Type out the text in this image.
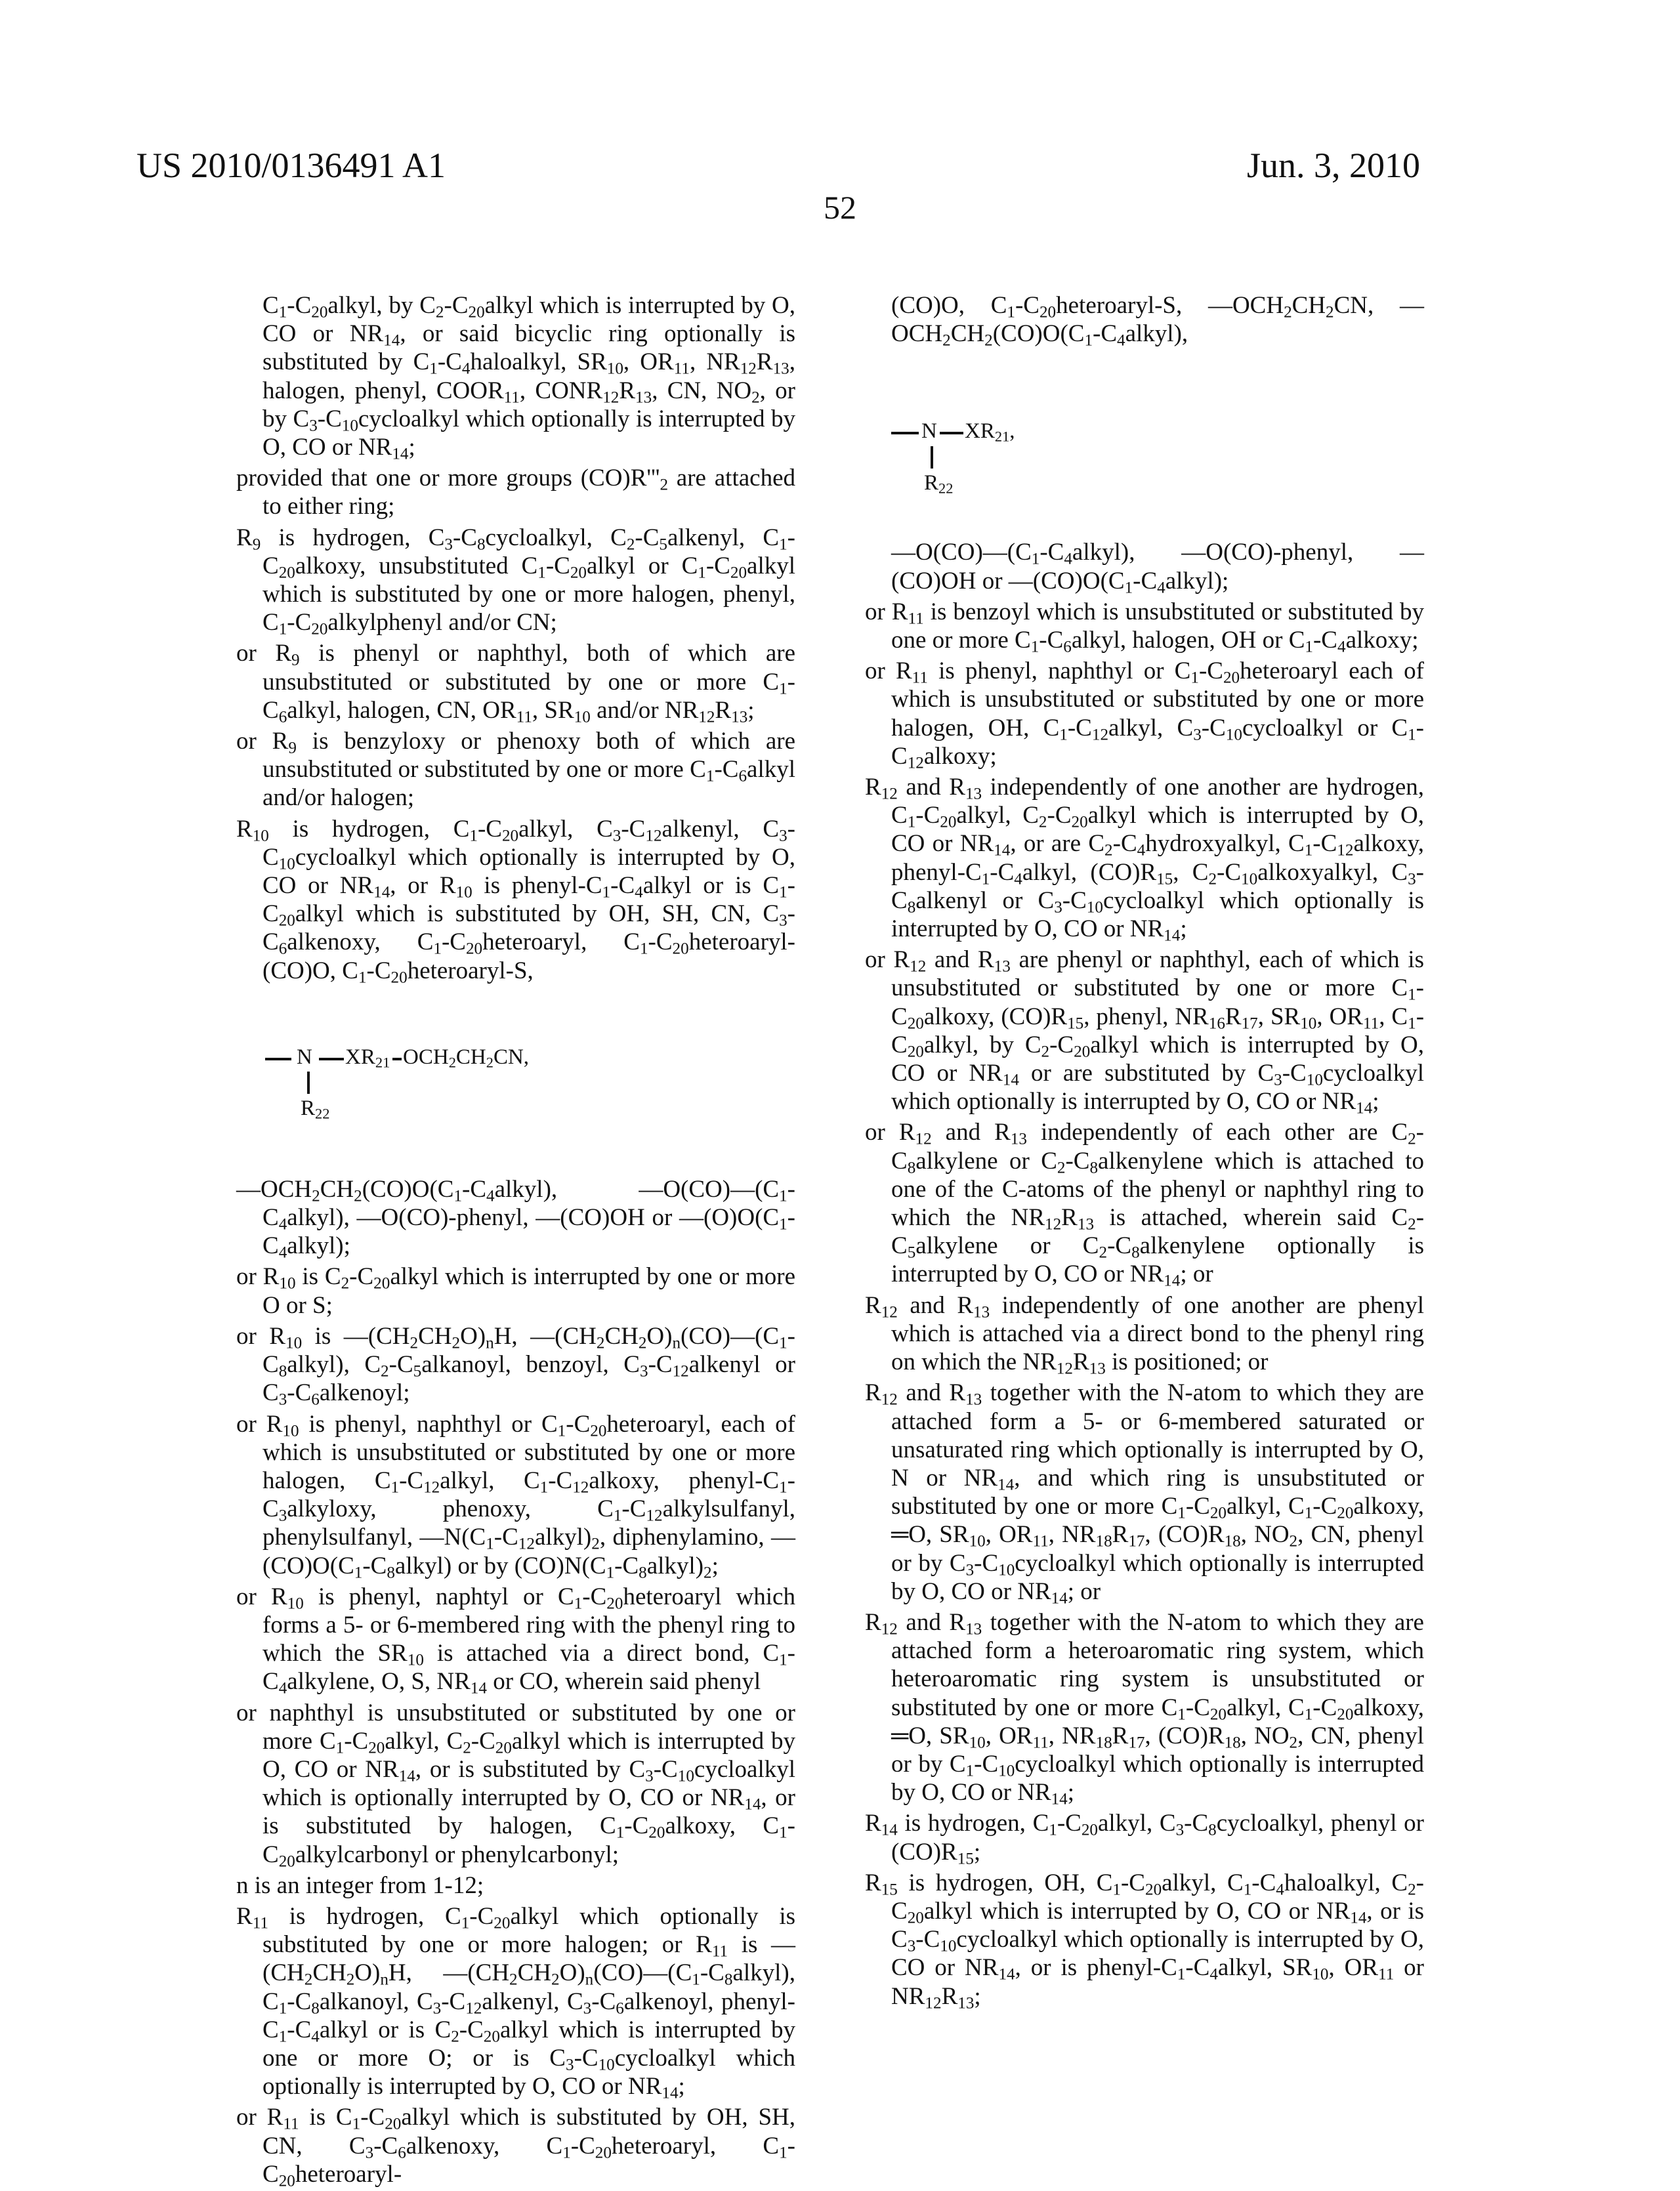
US 2010/0136491 A1	Jun. 3, 2010
52

C1-C20alkyl, by C2-C20alkyl which is interrupted by O, CO or NR14, or said bicyclic ring optionally is substituted by C1-C4haloalkyl, SR10, OR11, NR12R13, halogen, phenyl, COOR11, CONR12R13, CN, NO2, or by C3-C10cycloalkyl which optionally is interrupted by O, CO or NR14;

provided that one or more groups (CO)R'''2 are attached to either ring;

R9 is hydrogen, C3-C8cycloalkyl, C2-C5alkenyl, C1-C20alkoxy, unsubstituted C1-C20alkyl or C1-C20alkyl which is substituted by one or more halogen, phenyl, C1-C20alkylphenyl and/or CN;

or R9 is phenyl or naphthyl, both of which are unsubstituted or substituted by one or more C1-C6alkyl, halogen, CN, OR11, SR10 and/or NR12R13;

or R9 is benzyloxy or phenoxy both of which are unsubstituted or substituted by one or more C1-C6alkyl and/or halogen;

R10 is hydrogen, C1-C20alkyl, C3-C12alkenyl, C3-C10cycloalkyl which optionally is interrupted by O, CO or NR14, or R10 is phenyl-C1-C4alkyl or is C1-C20alkyl which is substituted by OH, SH, CN, C3-C6alkenoxy, C1-C20heteroaryl, C1-C20heteroaryl-(CO)O, C1-C20heteroaryl-S,

N XR21 OCH2CH2CN,
R22

—OCH2CH2(CO)O(C1-C4alkyl), —O(CO)—(C1-C4alkyl), —O(CO)-phenyl, —(CO)OH or —(O)O(C1-C4alkyl);

or R10 is C2-C20alkyl which is interrupted by one or more O or S;

or R10 is —(CH2CH2O)nH, —(CH2CH2O)n(CO)—(C1-C8alkyl), C2-C5alkanoyl, benzoyl, C3-C12alkenyl or C3-C6alkenoyl;

or R10 is phenyl, naphthyl or C1-C20heteroaryl, each of which is unsubstituted or substituted by one or more halogen, C1-C12alkyl, C1-C12alkoxy, phenyl-C1-C3alkyloxy, phenoxy, C1-C12alkylsulfanyl, phenylsulfanyl, —N(C1-C12alkyl)2, diphenylamino, —(CO)O(C1-C8alkyl) or by (CO)N(C1-C8alkyl)2;

or R10 is phenyl, naphtyl or C1-C20heteroaryl which forms a 5- or 6-membered ring with the phenyl ring to which the SR10 is attached via a direct bond, C1-C4alkylene, O, S, NR14 or CO, wherein said phenyl

or naphthyl is unsubstituted or substituted by one or more C1-C20alkyl, C2-C20alkyl which is interrupted by O, CO or NR14, or is substituted by C3-C10cycloalkyl which is optionally interrupted by O, CO or NR14, or is substituted by halogen, C1-C20alkoxy, C1-C20alkylcarbonyl or phenylcarbonyl;

n is an integer from 1-12;

R11 is hydrogen, C1-C20alkyl which optionally is substituted by one or more halogen; or R11 is —(CH2CH2O)nH, —(CH2CH2O)n(CO)—(C1-C8alkyl), C1-C8alkanoyl, C3-C12alkenyl, C3-C6alkenoyl, phenyl-C1-C4alkyl or is C2-C20alkyl which is interrupted by one or more O; or is C3-C10cycloalkyl which optionally is interrupted by O, CO or NR14;

or R11 is C1-C20alkyl which is substituted by OH, SH, CN, C3-C6alkenoxy, C1-C20heteroaryl, C1-C20heteroaryl-

(CO)O, C1-C20heteroaryl-S, —OCH2CH2CN, —OCH2CH2(CO)O(C1-C4alkyl),

N XR21,
R22

—O(CO)—(C1-C4alkyl), —O(CO)-phenyl, —(CO)OH or —(CO)O(C1-C4alkyl);

or R11 is benzoyl which is unsubstituted or substituted by one or more C1-C6alkyl, halogen, OH or C1-C4alkoxy;

or R11 is phenyl, naphthyl or C1-C20heteroaryl each of which is unsubstituted or substituted by one or more halogen, OH, C1-C12alkyl, C3-C10cycloalkyl or C1-C12alkoxy;

R12 and R13 independently of one another are hydrogen, C1-C20alkyl, C2-C20alkyl which is interrupted by O, CO or NR14, or are C2-C4hydroxyalkyl, C1-C12alkoxy, phenyl-C1-C4alkyl, (CO)R15, C2-C10alkoxyalkyl, C3-C8alkenyl or C3-C10cycloalkyl which optionally is interrupted by O, CO or NR14;

or R12 and R13 are phenyl or naphthyl, each of which is unsubstituted or substituted by one or more C1-C20alkoxy, (CO)R15, phenyl, NR16R17, SR10, OR11, C1-C20alkyl, by C2-C20alkyl which is interrupted by O, CO or NR14 or are substituted by C3-C10cycloalkyl which optionally is interrupted by O, CO or NR14;

or R12 and R13 independently of each other are C2-C8alkylene or C2-C8alkenylene which is attached to one of the C-atoms of the phenyl or naphthyl ring to which the NR12R13 is attached, wherein said C2-C5alkylene or C2-C8alkenylene optionally is interrupted by O, CO or NR14; or

R12 and R13 independently of one another are phenyl which is attached via a direct bond to the phenyl ring on which the NR12R13 is positioned; or

R12 and R13 together with the N-atom to which they are attached form a 5- or 6-membered saturated or unsaturated ring which optionally is interrupted by O, N or NR14, and which ring is unsubstituted or substituted by one or more C1-C20alkyl, C1-C20alkoxy, ═O, SR10, OR11, NR18R17, (CO)R18, NO2, CN, phenyl or by C3-C10cycloalkyl which optionally is interrupted by O, CO or NR14; or

R12 and R13 together with the N-atom to which they are attached form a heteroaromatic ring system, which heteroaromatic ring system is unsubstituted or substituted by one or more C1-C20alkyl, C1-C20alkoxy, ═O, SR10, OR11, NR18R17, (CO)R18, NO2, CN, phenyl or by C1-C10cycloalkyl which optionally is interrupted by O, CO or NR14;

R14 is hydrogen, C1-C20alkyl, C3-C8cycloalkyl, phenyl or (CO)R15;

R15 is hydrogen, OH, C1-C20alkyl, C1-C4haloalkyl, C2-C20alkyl which is interrupted by O, CO or NR14, or is C3-C10cycloalkyl which optionally is interrupted by O, CO or NR14, or is phenyl-C1-C4alkyl, SR10, OR11 or NR12R13;
